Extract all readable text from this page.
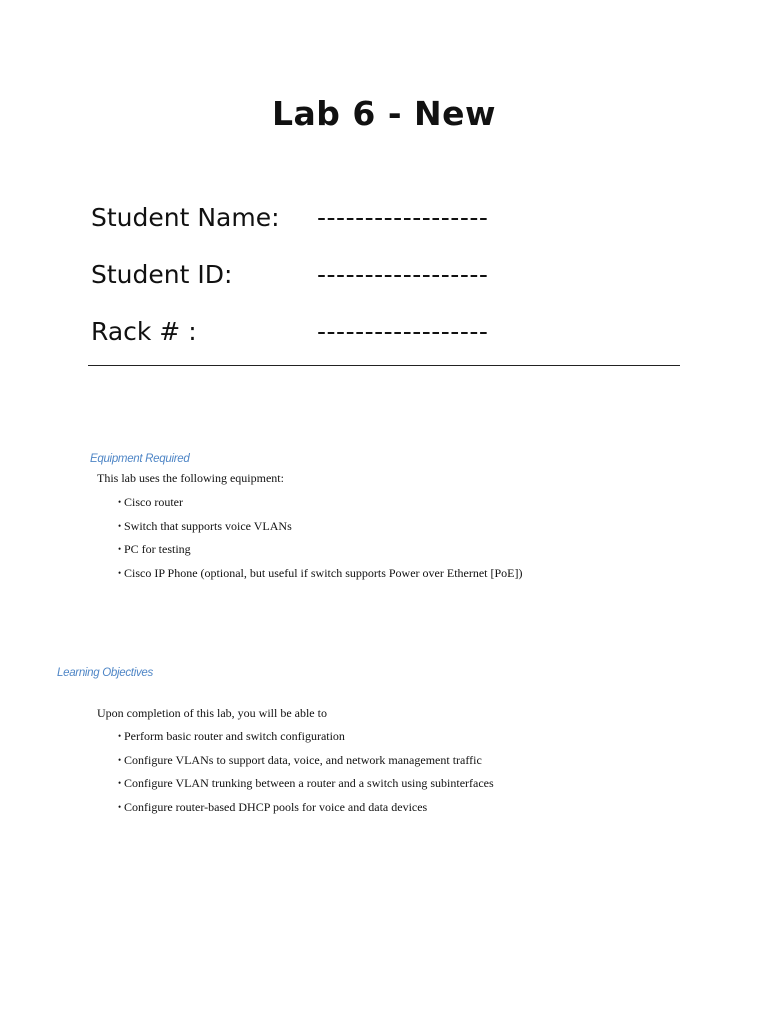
Lab 6 - New
Student Name: ------------------
Student ID:	------------------
Rack # :	------------------
Equipment Required
This lab uses the following equipment:
• Cisco router
• Switch that supports voice VLANs
• PC for testing
• Cisco IP Phone (optional, but useful if switch supports Power over Ethernet [PoE])
Learning Objectives
Upon completion of this lab, you will be able to
• Perform basic router and switch configuration
• Configure VLANs to support data, voice, and network management traffic
• Configure VLAN trunking between a router and a switch using subinterfaces
• Configure router-based DHCP pools for voice and data devices
